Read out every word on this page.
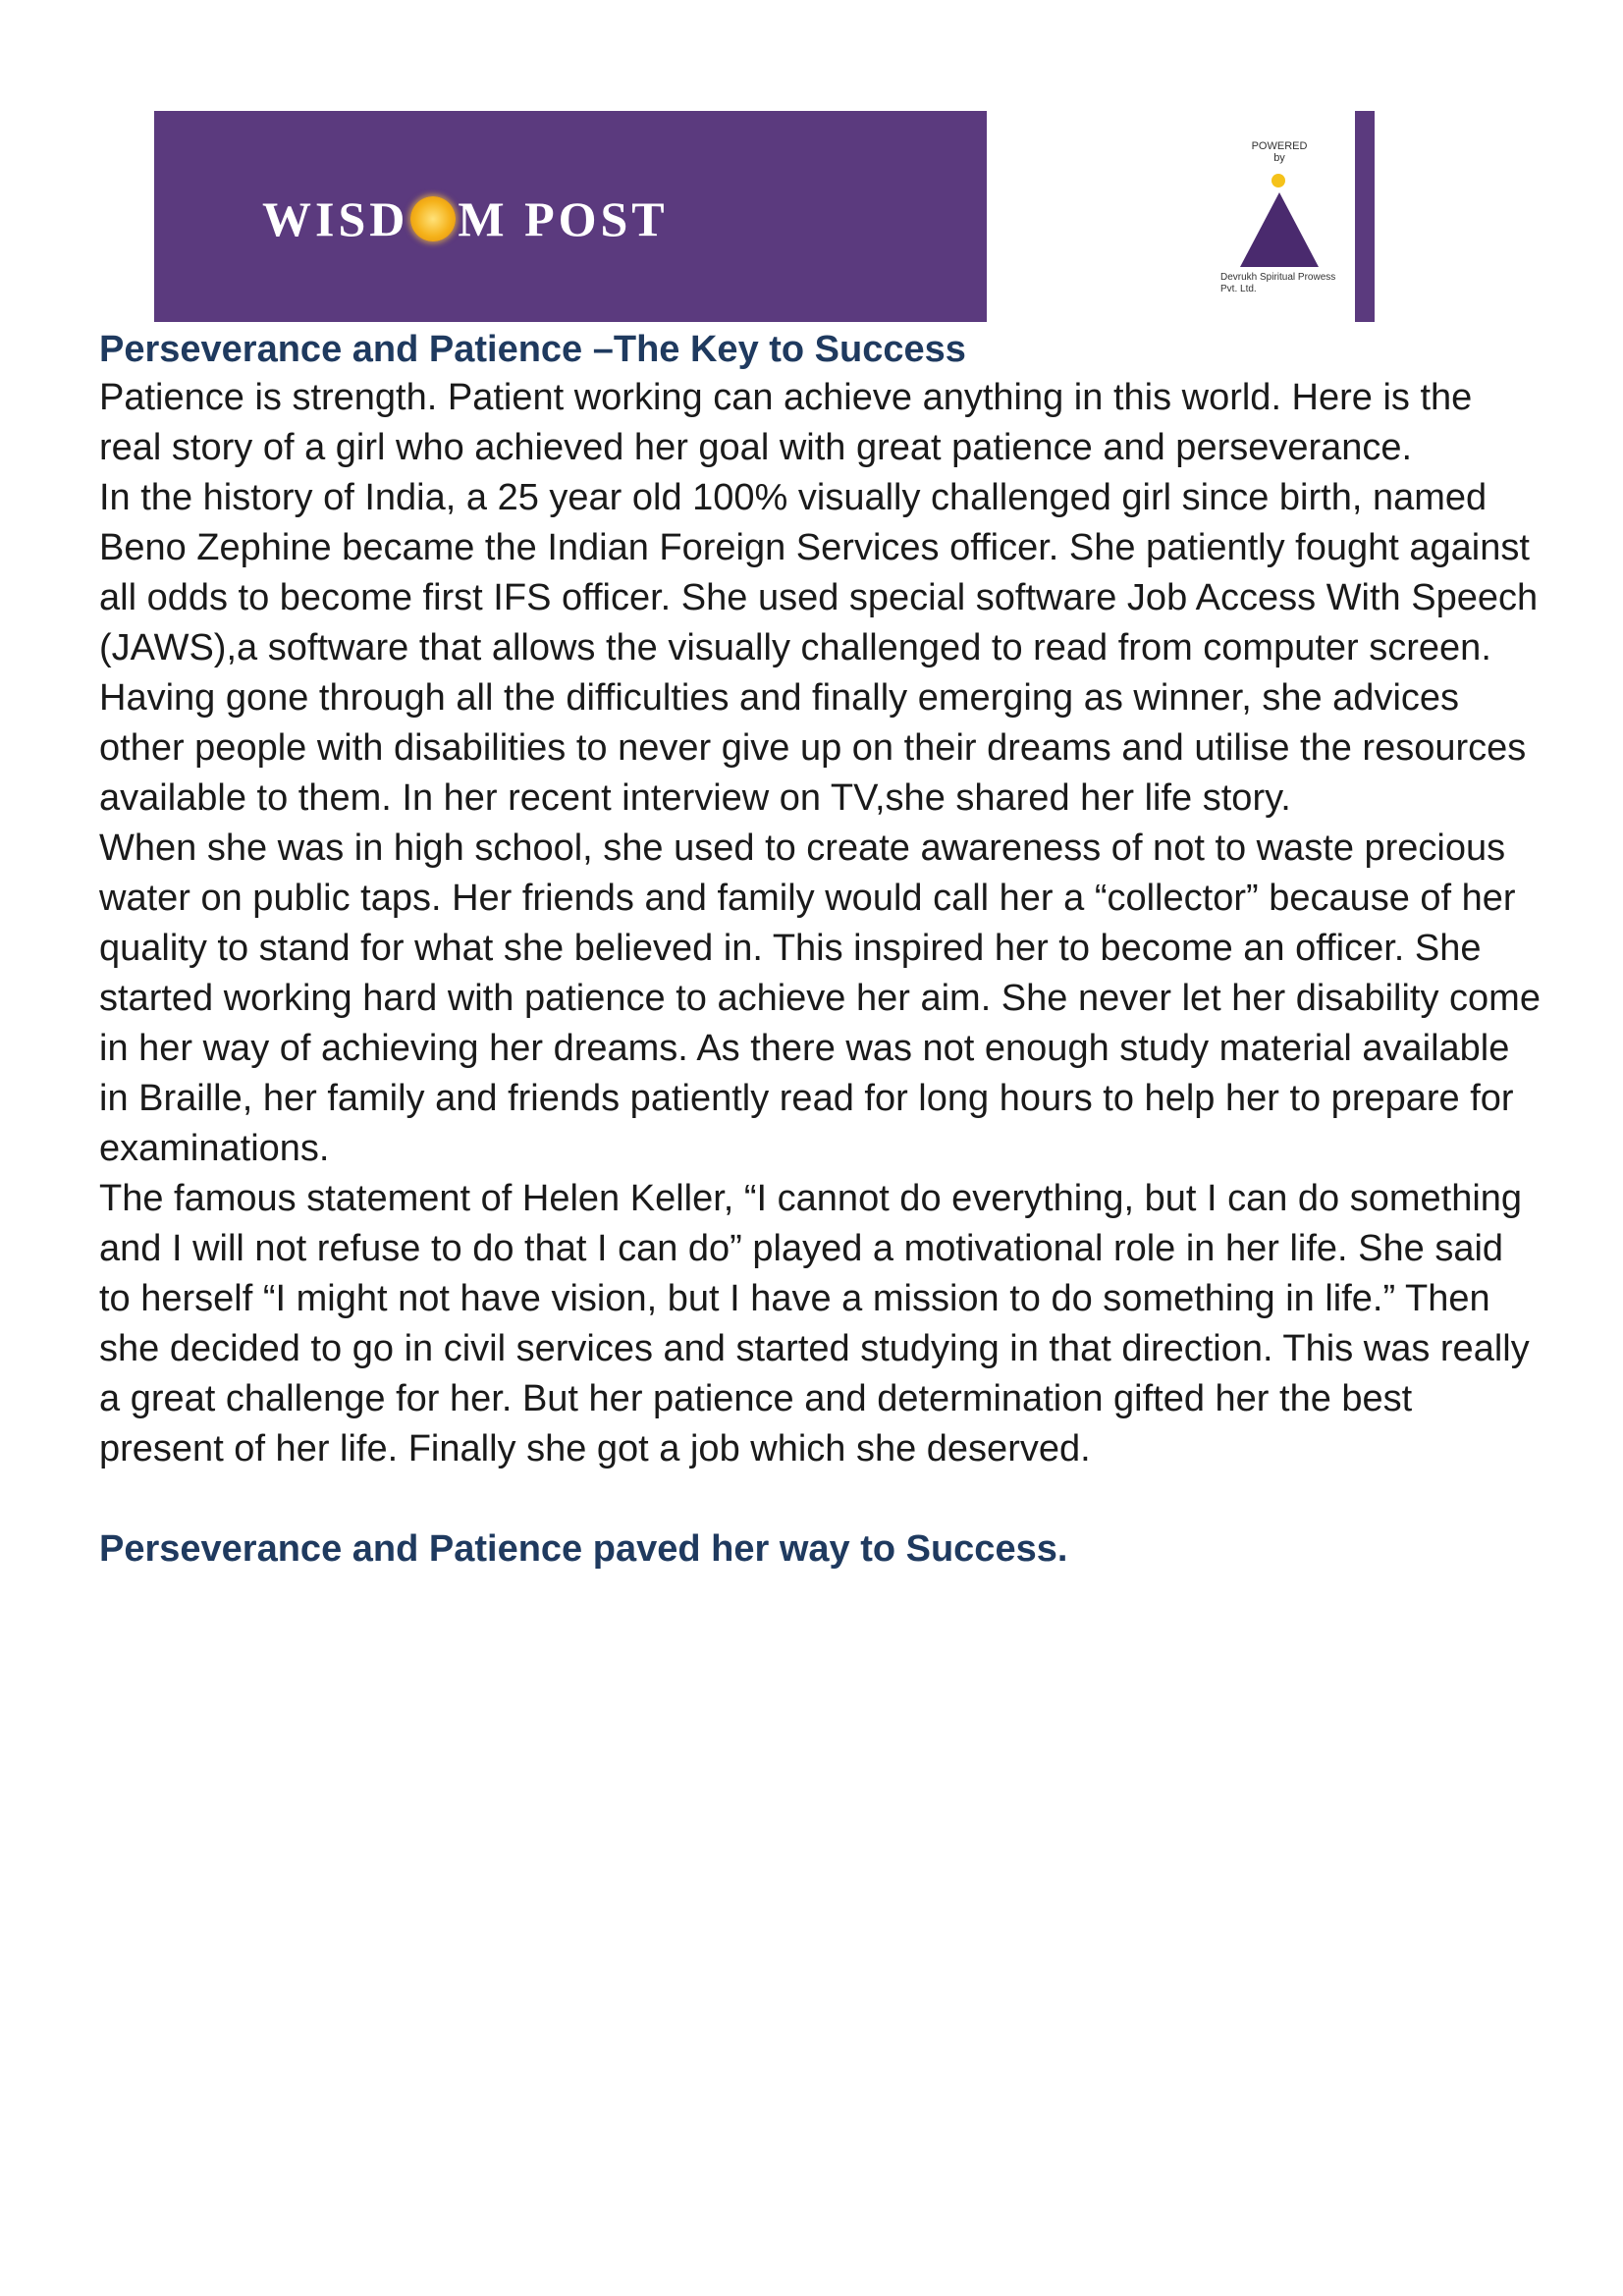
WISD M POST
POWERED by
Devrukh Spiritual Prowess Pvt. Ltd.
Perseverance and Patience –The Key to Success

Patience is strength. Patient working can achieve anything in this world. Here is the real story of a girl who achieved her goal with great patience and perseverance.

In the history of India, a 25 year old 100% visually challenged girl since birth, named Beno Zephine became the Indian Foreign Services officer. She patiently fought against all odds to become first IFS officer. She used special software Job Access With Speech (JAWS),a software that allows the visually challenged to read from computer screen. Having gone through all the difficulties and finally emerging as winner, she advices other people with disabilities to never give up on their dreams and utilise the resources available to them. In her recent interview on TV,she shared her life story.

When she was in high school, she used to create awareness of not to waste precious water on public taps. Her friends and family would call her a “collector” because of her quality to stand for what she believed in. This inspired her to become an officer. She started working hard with patience to achieve her aim. She never let her disability come in her way of achieving her dreams. As there was not enough study material available in Braille, her family and friends patiently read for long hours to help her to prepare for examinations.

The famous statement of Helen Keller, “I cannot do everything, but I can do something and I will not refuse to do that I can do” played a motivational role in her life. She said to herself “I might not have vision, but I have a mission to do something in life.” Then she decided to go in civil services and started studying in that direction. This was really a great challenge for her. But her patience and determination gifted her the best present of her life. Finally she got a job which she deserved.

Perseverance and Patience paved her way to Success.
